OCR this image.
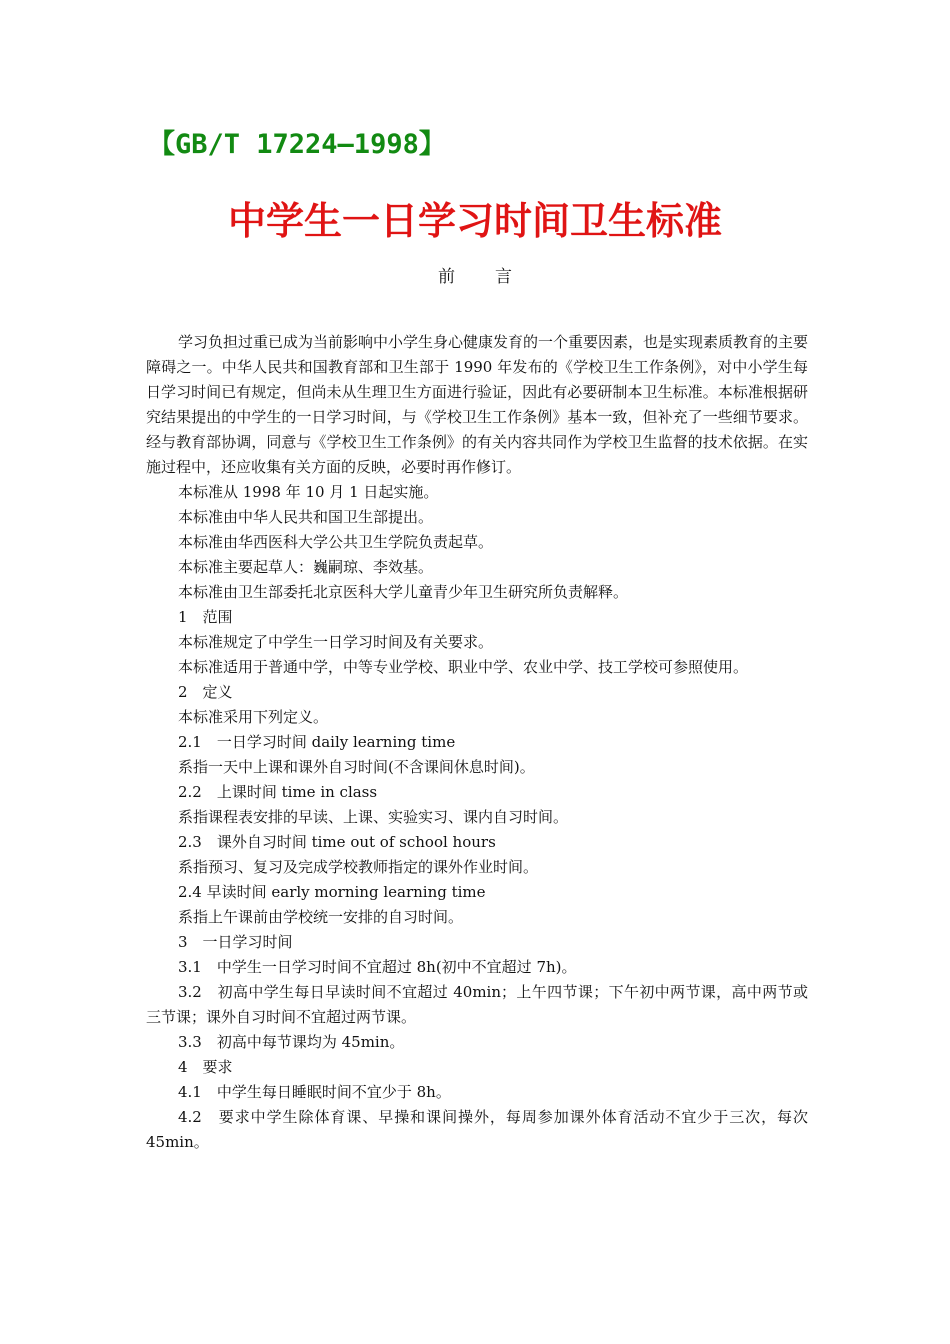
【GB/T 17224—1998】
中学生一日学习时间卫生标准
前言

学习负担过重已成为当前影响中小学生身心健康发育的一个重要因素，也是实现素质教育的主要障碍之一。中华人民共和国教育部和卫生部于 1990 年发布的《学校卫生工作条例》，对中小学生每日学习时间已有规定，但尚未从生理卫生方面进行验证，因此有必要研制本卫生标准。本标准根据研究结果提出的中学生的一日学习时间，与《学校卫生工作条例》基本一致，但补充了一些细节要求。经与教育部协调，同意与《学校卫生工作条例》的有关内容共同作为学校卫生监督的技术依据。在实施过程中，还应收集有关方面的反映，必要时再作修订。

本标准从 1998 年 10 月 1 日起实施。

本标准由中华人民共和国卫生部提出。

本标准由华西医科大学公共卫生学院负责起草。

本标准主要起草人：巍嗣琼、李效基。

本标准由卫生部委托北京医科大学儿童青少年卫生研究所负责解释。

1　范围

本标准规定了中学生一日学习时间及有关要求。

本标准适用于普通中学，中等专业学校、职业中学、农业中学、技工学校可参照使用。

2　定义

本标准采用下列定义。

2.1　一日学习时间 daily learning time

系指一天中上课和课外自习时间(不含课间休息时间)。

2.2　上课时间 time in class

系指课程表安排的早读、上课、实验实习、课内自习时间。

2.3　课外自习时间 time out of school hours

系指预习、复习及完成学校教师指定的课外作业时间。

2.4 早读时间 early morning learning time

系指上午课前由学校统一安排的自习时间。

3　一日学习时间

3.1　中学生一日学习时间不宜超过 8h(初中不宜超过 7h)。

3.2　初高中学生每日早读时间不宜超过 40min；上午四节课；下午初中两节课，高中两节或三节课；课外自习时间不宜超过两节课。

3.3　初高中每节课均为 45min。

4　要求

4.1　中学生每日睡眠时间不宜少于 8h。

4.2　要求中学生除体育课、早操和课间操外，每周参加课外体育活动不宜少于三次，每次 45min。
